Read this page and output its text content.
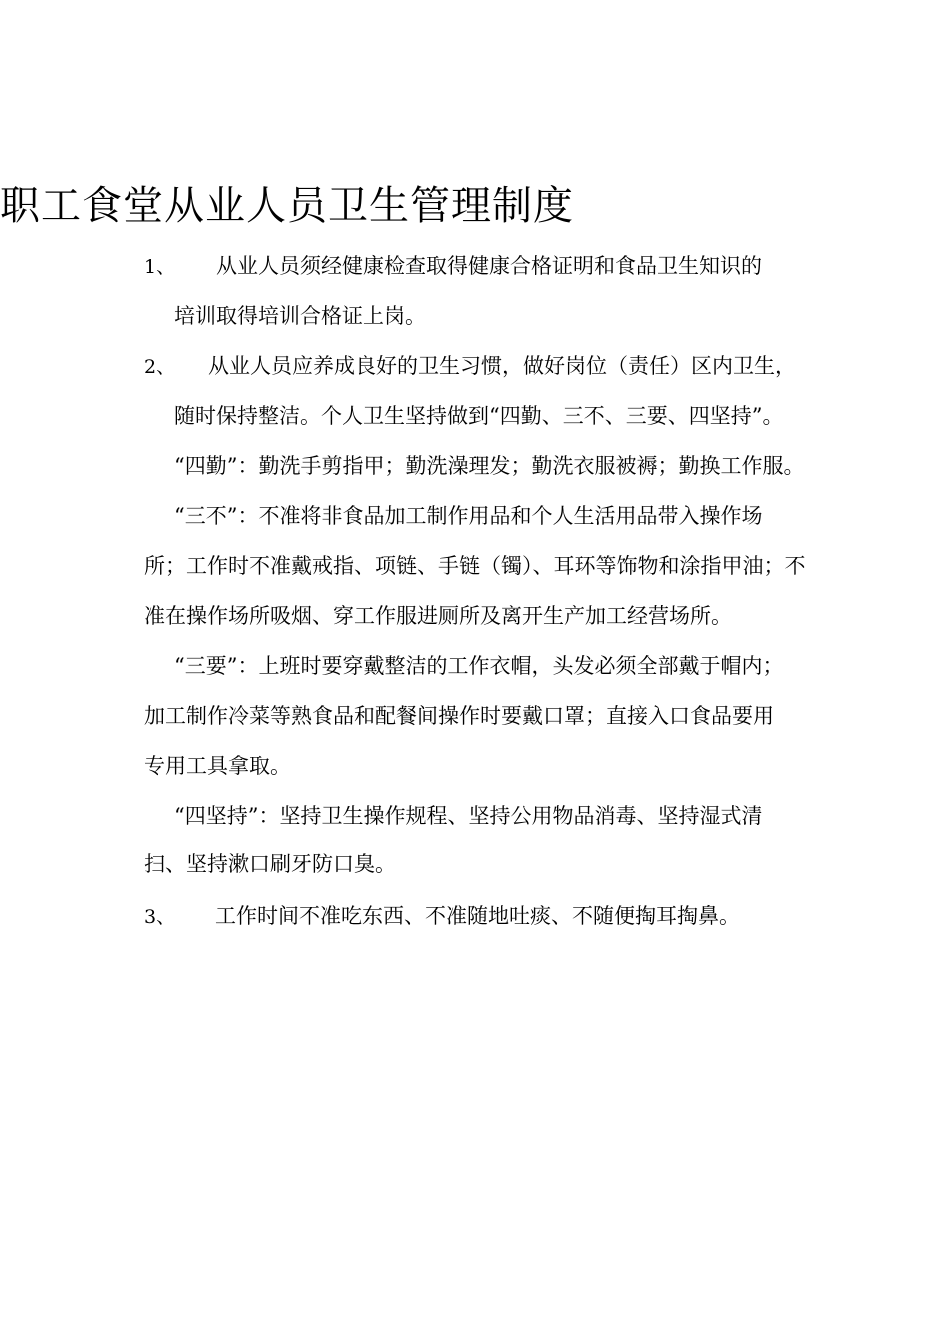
职工食堂从业人员卫生管理制度
1、 从业人员须经健康检查取得健康合格证明和食品卫生知识的
培训取得培训合格证上岗。
2、 从业人员应养成良好的卫生习惯，做好岗位（责任）区内卫生，
随时保持整洁。个人卫生坚持做到“四勤、三不、三要、四坚持”。
“四勤”：勤洗手剪指甲；勤洗澡理发；勤洗衣服被褥；勤换工作服。
“三不”：不准将非食品加工制作用品和个人生活用品带入操作场
所；工作时不准戴戒指、项链、手链（镯）、耳环等饰物和涂指甲油；不
准在操作场所吸烟、穿工作服进厕所及离开生产加工经营场所。
“三要”：上班时要穿戴整洁的工作衣帽，头发必须全部戴于帽内；
加工制作冷菜等熟食品和配餐间操作时要戴口罩；直接入口食品要用
专用工具拿取。
“四坚持”：坚持卫生操作规程、坚持公用物品消毒、坚持湿式清
扫、坚持漱口刷牙防口臭。
3、 工作时间不准吃东西、不准随地吐痰、不随便掏耳掏鼻。
